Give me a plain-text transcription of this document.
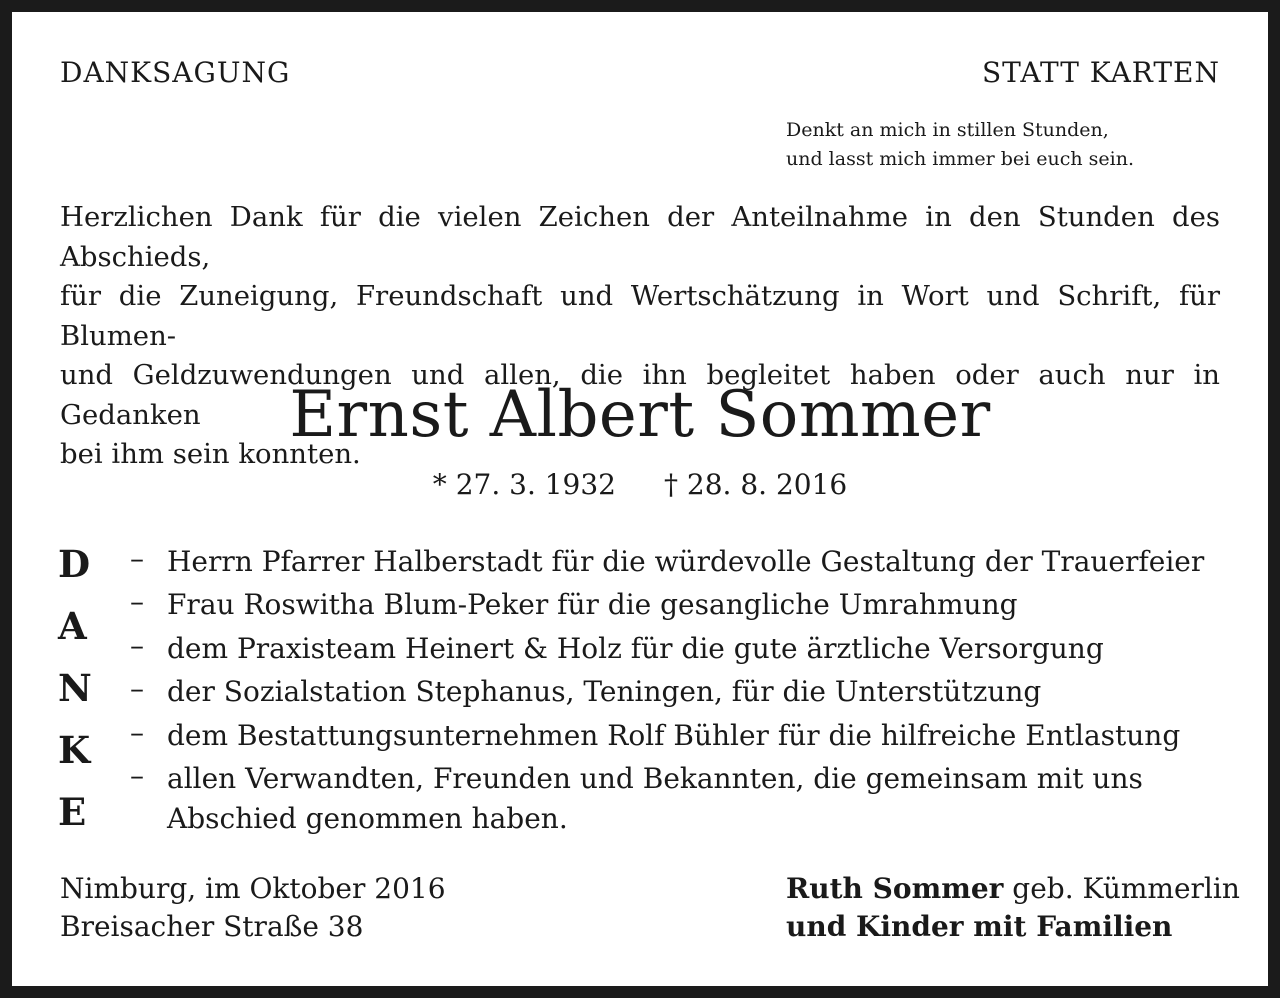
DANKSAGUNG	STATT KARTEN
Denkt an mich in stillen Stunden,
und lasst mich immer bei euch sein.
Herzlichen Dank für die vielen Zeichen der Anteilnahme in den Stunden des Abschieds,
für die Zuneigung, Freundschaft und Wertschätzung in Wort und Schrift, für Blumen-
und Geldzuwendungen und allen, die ihn begleitet haben oder auch nur in Gedanken
bei ihm sein konnten.
Ernst Albert Sommer
* 27. 3. 1932 † 28. 8. 2016
D
A
N
K
E
– Herrn Pfarrer Halberstadt für die würdevolle Gestaltung der Trauerfeier
– Frau Roswitha Blum-Peker für die gesangliche Umrahmung
– dem Praxisteam Heinert & Holz für die gute ärztliche Versorgung
– der Sozialstation Stephanus, Teningen, für die Unterstützung
– dem Bestattungsunternehmen Rolf Bühler für die hilfreiche Entlastung
– allen Verwandten, Freunden und Bekannten, die gemeinsam mit uns
Abschied genommen haben.
Nimburg, im Oktober 2016
Breisacher Straße 38
Ruth Sommer geb. Kümmerlin
und Kinder mit Familien
